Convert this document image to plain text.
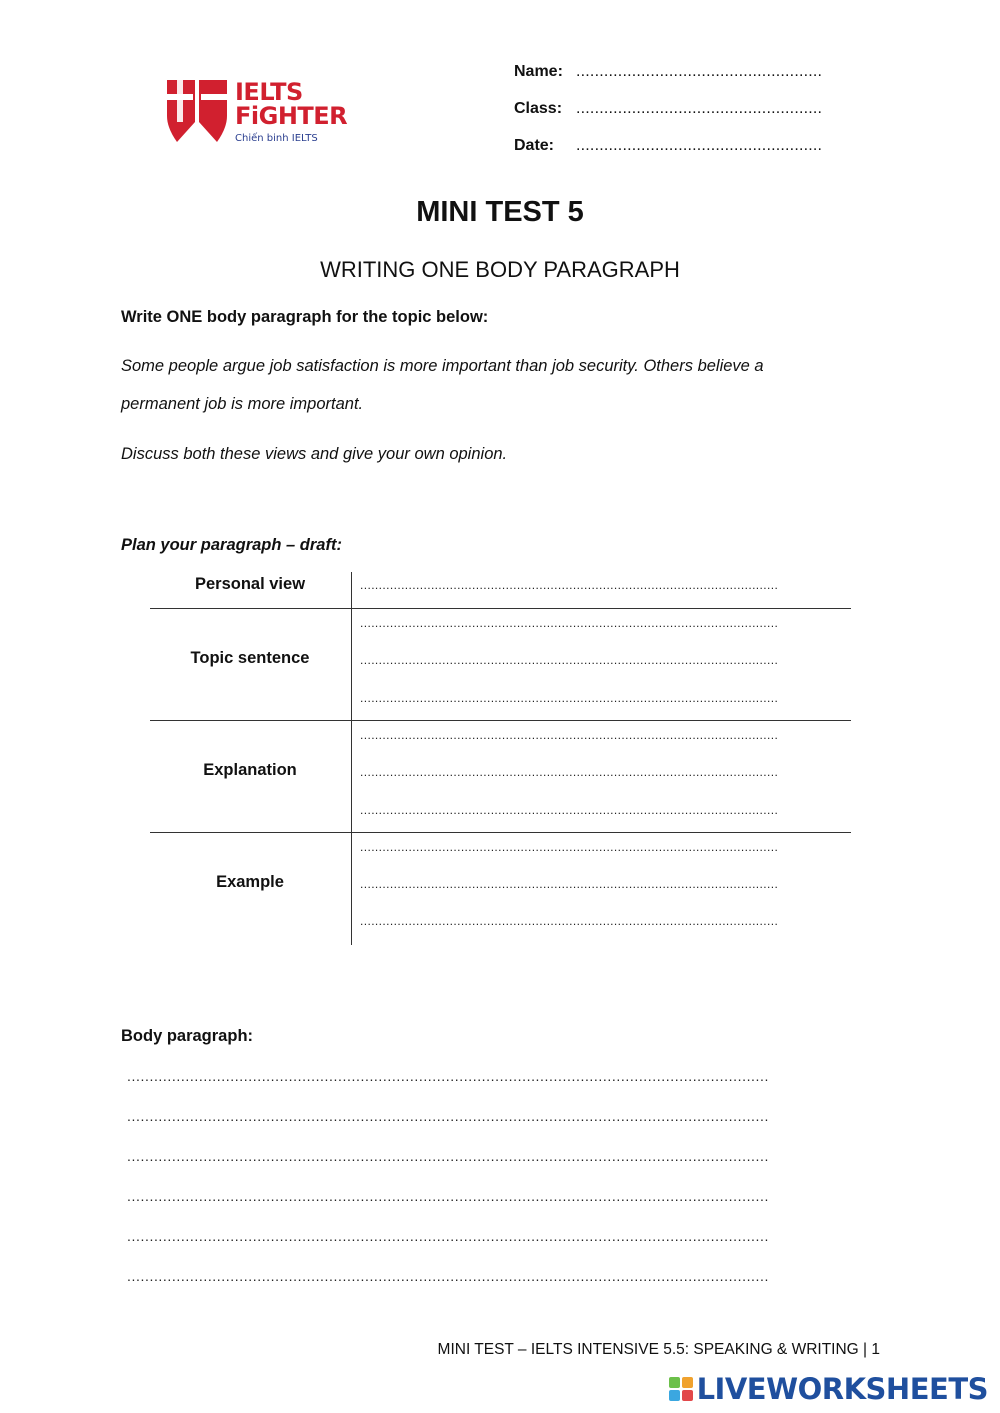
IELTS
FiGHTER
Chiến binh IELTS
Name: .....................................................
Class: .....................................................
Date: .....................................................
MINI TEST 5
WRITING ONE BODY PARAGRAPH
Write ONE body paragraph for the topic below:
Some people argue job satisfaction is more important than job security. Others believe a
permanent job is more important.
Discuss both these views and give your own opinion.
Plan your paragraph – draft:
Personal view
Topic sentence
Explanation
Example
................................................................................................................
................................................................................................................
................................................................................................................
................................................................................................................
................................................................................................................
................................................................................................................
................................................................................................................
................................................................................................................
................................................................................................................
................................................................................................................
Body paragraph:
...............................................................................................................................................
...............................................................................................................................................
...............................................................................................................................................
...............................................................................................................................................
...............................................................................................................................................
...............................................................................................................................................
MINI TEST – IELTS INTENSIVE 5.5: SPEAKING & WRITING | 1
LIVEWORKSHEETS
